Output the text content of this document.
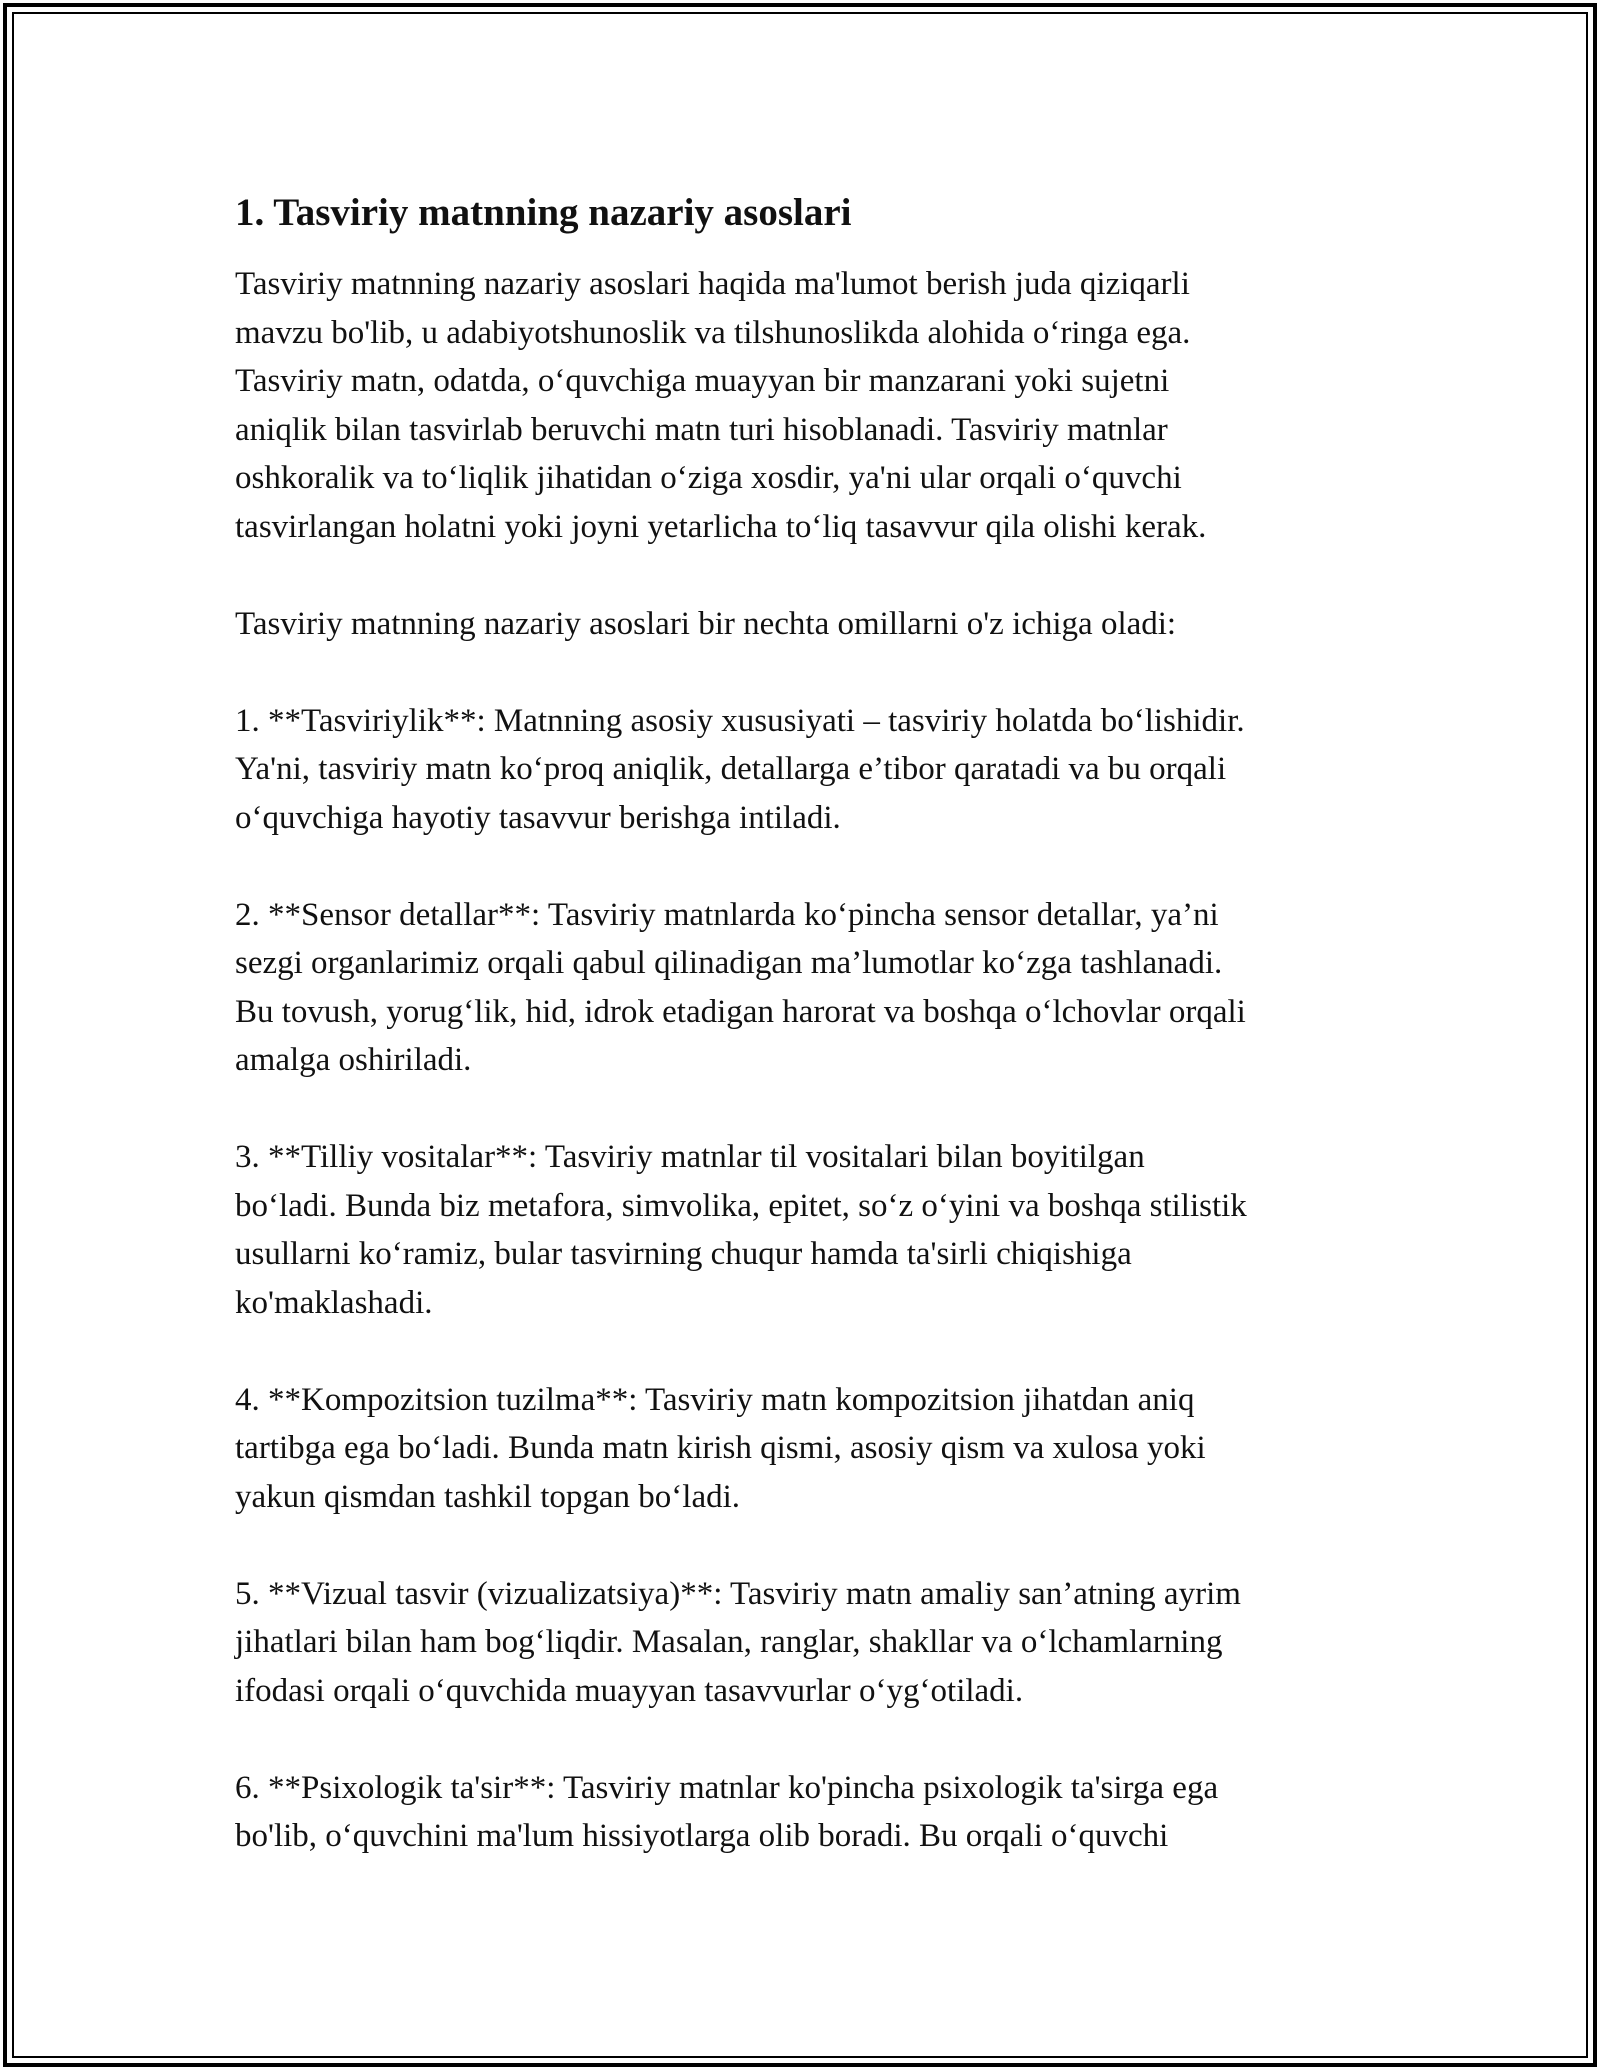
1. Tasviriy matnning nazariy asoslari

Tasviriy matnning nazariy asoslari haqida ma'lumot berish juda qiziqarli
mavzu bo'lib, u adabiyotshunoslik va tilshunoslikda alohida o‘ringa ega.
Tasviriy matn, odatda, o‘quvchiga muayyan bir manzarani yoki sujetni
aniqlik bilan tasvirlab beruvchi matn turi hisoblanadi. Tasviriy matnlar
oshkoralik va to‘liqlik jihatidan o‘ziga xosdir, ya'ni ular orqali o‘quvchi
tasvirlangan holatni yoki joyni yetarlicha to‘liq tasavvur qila olishi kerak.

Tasviriy matnning nazariy asoslari bir nechta omillarni o'z ichiga oladi:

1. **Tasviriylik**: Matnning asosiy xususiyati – tasviriy holatda bo‘lishidir.
Ya'ni, tasviriy matn ko‘proq aniqlik, detallarga e’tibor qaratadi va bu orqali
o‘quvchiga hayotiy tasavvur berishga intiladi.

2. **Sensor detallar**: Tasviriy matnlarda ko‘pincha sensor detallar, ya’ni
sezgi organlarimiz orqali qabul qilinadigan ma’lumotlar ko‘zga tashlanadi.
Bu tovush, yorug‘lik, hid, idrok etadigan harorat va boshqa o‘lchovlar orqali
amalga oshiriladi.

3. **Tilliy vositalar**: Tasviriy matnlar til vositalari bilan boyitilgan
bo‘ladi. Bunda biz metafora, simvolika, epitet, so‘z o‘yini va boshqa stilistik
usullarni ko‘ramiz, bular tasvirning chuqur hamda ta'sirli chiqishiga
ko'maklashadi.

4. **Kompozitsion tuzilma**: Tasviriy matn kompozitsion jihatdan aniq
tartibga ega bo‘ladi. Bunda matn kirish qismi, asosiy qism va xulosa yoki
yakun qismdan tashkil topgan bo‘ladi.

5. **Vizual tasvir (vizualizatsiya)**: Tasviriy matn amaliy san’atning ayrim
jihatlari bilan ham bog‘liqdir. Masalan, ranglar, shakllar va o‘lchamlarning
ifodasi orqali o‘quvchida muayyan tasavvurlar o‘yg‘otiladi.

6. **Psixologik ta'sir**: Tasviriy matnlar ko'pincha psixologik ta'sirga ega
bo'lib, o‘quvchini ma'lum hissiyotlarga olib boradi. Bu orqali o‘quvchi
